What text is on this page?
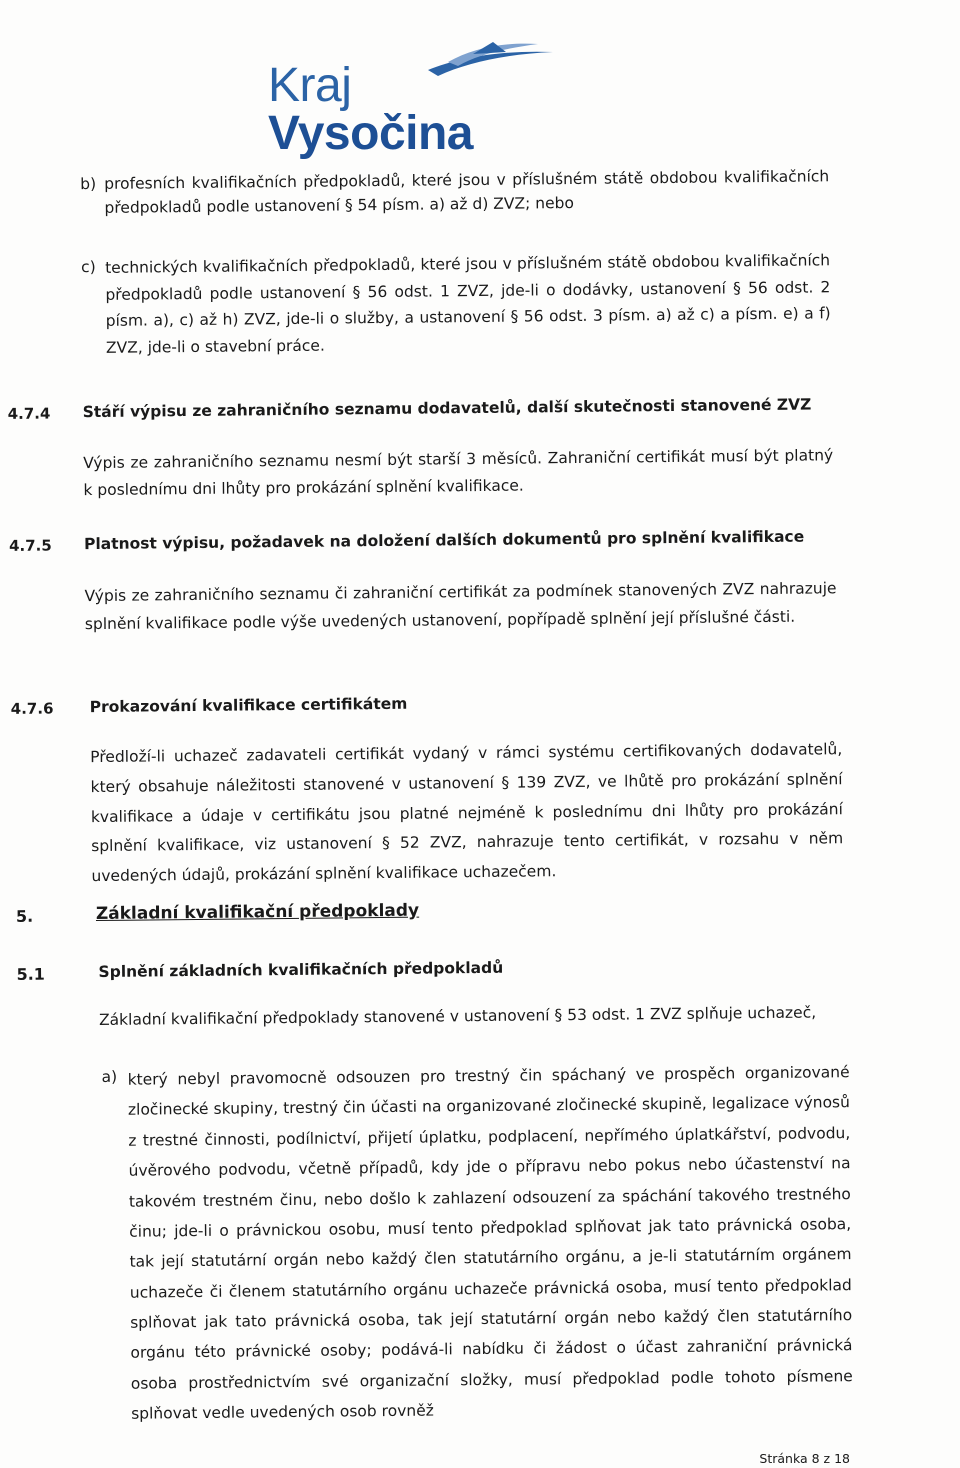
Kraj Vysočina
b) profesních kvalifikačních předpokladů, které jsou v příslušném státě obdobou kvalifikačních předpokladů podle ustanovení § 54 písm. a) až d) ZVZ; nebo

c) technických kvalifikačních předpokladů, které jsou v příslušném státě obdobou kvalifikačních předpokladů podle ustanovení § 56 odst. 1 ZVZ, jde-li o dodávky, ustanovení § 56 odst. 2 písm. a), c) až h) ZVZ, jde-li o služby, a ustanovení § 56 odst. 3 písm. a) až c) a písm. e) a f) ZVZ, jde-li o stavební práce.

4.7.4 Stáří výpisu ze zahraničního seznamu dodavatelů, další skutečnosti stanovené ZVZ

Výpis ze zahraničního seznamu nesmí být starší 3 měsíců. Zahraniční certifikát musí být platný k poslednímu dni lhůty pro prokázání splnění kvalifikace.

4.7.5 Platnost výpisu, požadavek na doložení dalších dokumentů pro splnění kvalifikace

Výpis ze zahraničního seznamu či zahraniční certifikát za podmínek stanovených ZVZ nahrazuje splnění kvalifikace podle výše uvedených ustanovení, popřípadě splnění její příslušné části.

4.7.6 Prokazování kvalifikace certifikátem

Předloží-li uchazeč zadavateli certifikát vydaný v rámci systému certifikovaných dodavatelů, který obsahuje náležitosti stanovené v ustanovení § 139 ZVZ, ve lhůtě pro prokázání splnění kvalifikace a údaje v certifikátu jsou platné nejméně k poslednímu dni lhůty pro prokázání splnění kvalifikace, viz ustanovení § 52 ZVZ, nahrazuje tento certifikát, v rozsahu v něm uvedených údajů, prokázání splnění kvalifikace uchazečem.

5.	Základní kvalifikační předpoklady

5.1	Splnění základních kvalifikačních předpokladů

Základní kvalifikační předpoklady stanovené v ustanovení § 53 odst. 1 ZVZ splňuje uchazeč,

a) který nebyl pravomocně odsouzen pro trestný čin spáchaný ve prospěch organizované zločinecké skupiny, trestný čin účasti na organizované zločinecké skupině, legalizace výnosů z trestné činnosti, podílnictví, přijetí úplatku, podplacení, nepřímého úplatkářství, podvodu, úvěrového podvodu, včetně případů, kdy jde o přípravu nebo pokus nebo účastenství na takovém trestném činu, nebo došlo k zahlazení odsouzení za spáchání takového trestného činu; jde-li o právnickou osobu, musí tento předpoklad splňovat jak tato právnická osoba, tak její statutární orgán nebo každý člen statutárního orgánu, a je-li statutárním orgánem uchazeče či členem statutárního orgánu uchazeče právnická osoba, musí tento předpoklad splňovat jak tato právnická osoba, tak její statutární orgán nebo každý člen statutárního orgánu této právnické osoby; podává-li nabídku či žádost o účast zahraniční právnická osoba prostřednictvím své organizační složky, musí předpoklad podle tohoto písmene splňovat vedle uvedených osob rovněž

Stránka 8 z 18
